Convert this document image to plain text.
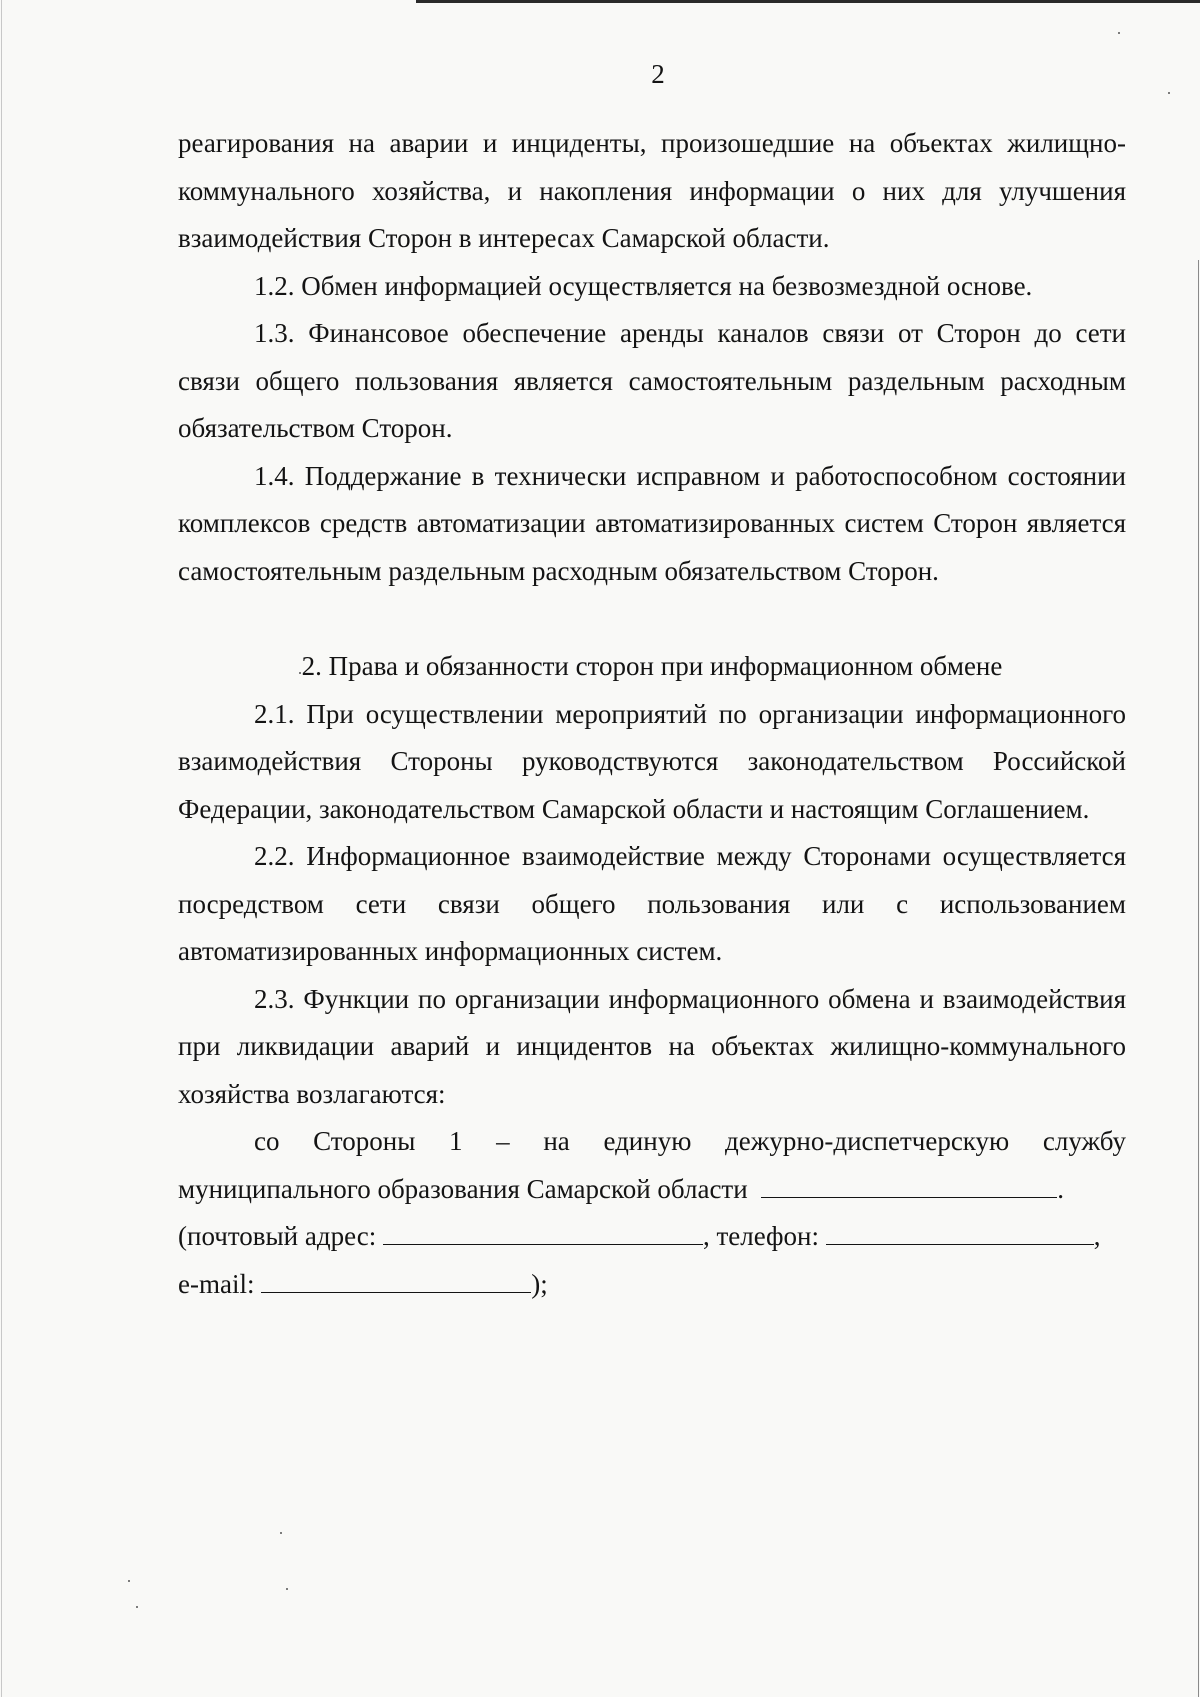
2

реагирования на аварии и инциденты, произошедшие на объектах жилищно-коммунального хозяйства, и накопления информации о них для улучшения взаимодействия Сторон в интересах Самарской области.

1.2. Обмен информацией осуществляется на безвозмездной основе.

1.3. Финансовое обеспечение аренды каналов связи от Сторон до сети связи общего пользования является самостоятельным раздельным расходным обязательством Сторон.

1.4. Поддержание в технически исправном и работоспособном состоянии комплексов средств автоматизации автоматизированных систем Сторон является самостоятельным раздельным расходным обязательством Сторон.

2. Права и обязанности сторон при информационном обмене

2.1. При осуществлении мероприятий по организации информационного взаимодействия Стороны руководствуются законодательством Российской Федерации, законодательством Самарской области и настоящим Соглашением.

2.2. Информационное взаимодействие между Сторонами осуществляется посредством сети связи общего пользования или с использованием автоматизированных информационных систем.

2.3. Функции по организации информационного обмена и взаимодействия при ликвидации аварий и инцидентов на объектах жилищно-коммунального хозяйства возлагаются:

со Стороны 1 – на единую дежурно-диспетчерскую службу муниципального образования Самарской области	.

(почтовый адрес:	, телефон:	,
e-mail:	);
